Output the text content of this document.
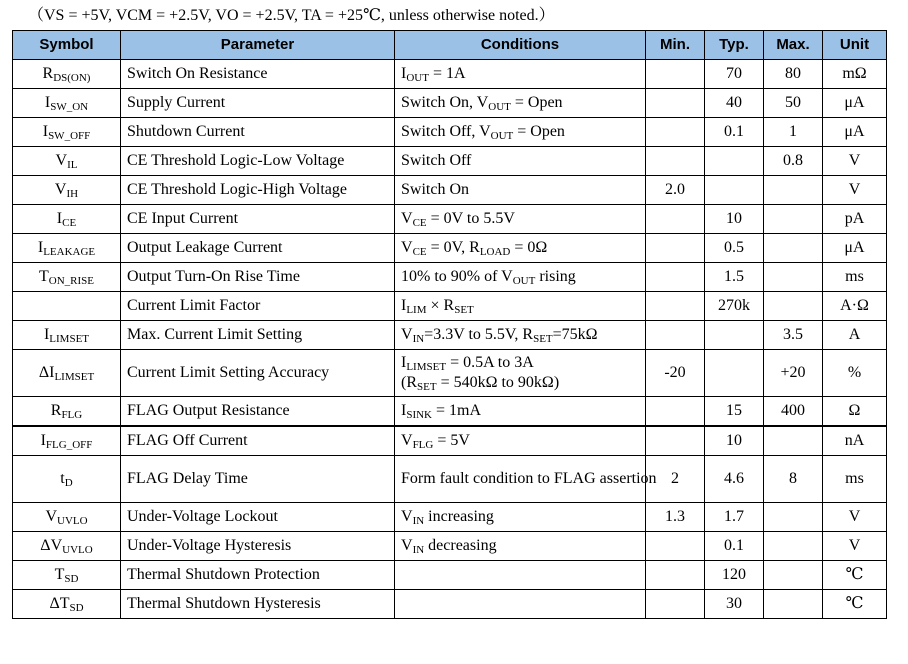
（VS = +5V, VCM = +2.5V, VO = +2.5V, TA = +25℃, unless otherwise noted.）
Symbol	Parameter	Conditions	Min.	Typ.	Max.	Unit
$R_{DS(ON)}$	Switch On Resistance	$I_{OUT} = 1A$		70	80	mΩ
$I_{SW\_ON}$	Supply Current	Switch On, $V_{OUT}$ = Open		40	50	μA
$I_{SW\_OFF}$	Shutdown Current	Switch Off, $V_{OUT}$ = Open		0.1	1	μA
$V_{IL}$	CE Threshold Logic-Low Voltage	Switch Off			0.8	V
$V_{IH}$	CE Threshold Logic-High Voltage	Switch On	2.0			V
$I_{CE}$	CE Input Current	$V_{CE} = 0V$ to 5.5V		10		pA
$I_{LEAKAGE}$	Output Leakage Current	$V_{CE} = 0V$, $R_{LOAD} = 0\Omega$		0.5		μA
$T_{ON\_RISE}$	Output Turn-On Rise Time	10% to 90% of $V_{OUT}$ rising		1.5		ms
	Current Limit Factor	$I_{LIM} \times R_{SET}$		270k		A·Ω
$I_{LIMSET}$	Max. Current Limit Setting	$V_{IN}=3.3V$ to 5.5V, $R_{SET}=75k\Omega$			3.5	A
$\Delta I_{LIMSET}$	Current Limit Setting Accuracy	$I_{LIMSET} = 0.5A$ to 3A
($R_{SET} = 540k\Omega$ to 90kΩ)	-20		+20	%
$R_{FLG}$	FLAG Output Resistance	$I_{SINK} = 1mA$		15	400	Ω
$I_{FLG\_OFF}$	FLAG Off Current	$V_{FLG} = 5V$		10		nA
$t_D$	FLAG Delay Time	Form fault condition to FLAG assertion	2	4.6	8	ms
$V_{UVLO}$	Under-Voltage Lockout	$V_{IN}$ increasing	1.3	1.7		V
$\Delta V_{UVLO}$	Under-Voltage Hysteresis	$V_{IN}$ decreasing		0.1		V
$T_{SD}$	Thermal Shutdown Protection			120		℃
$\Delta T_{SD}$	Thermal Shutdown Hysteresis			30		℃
